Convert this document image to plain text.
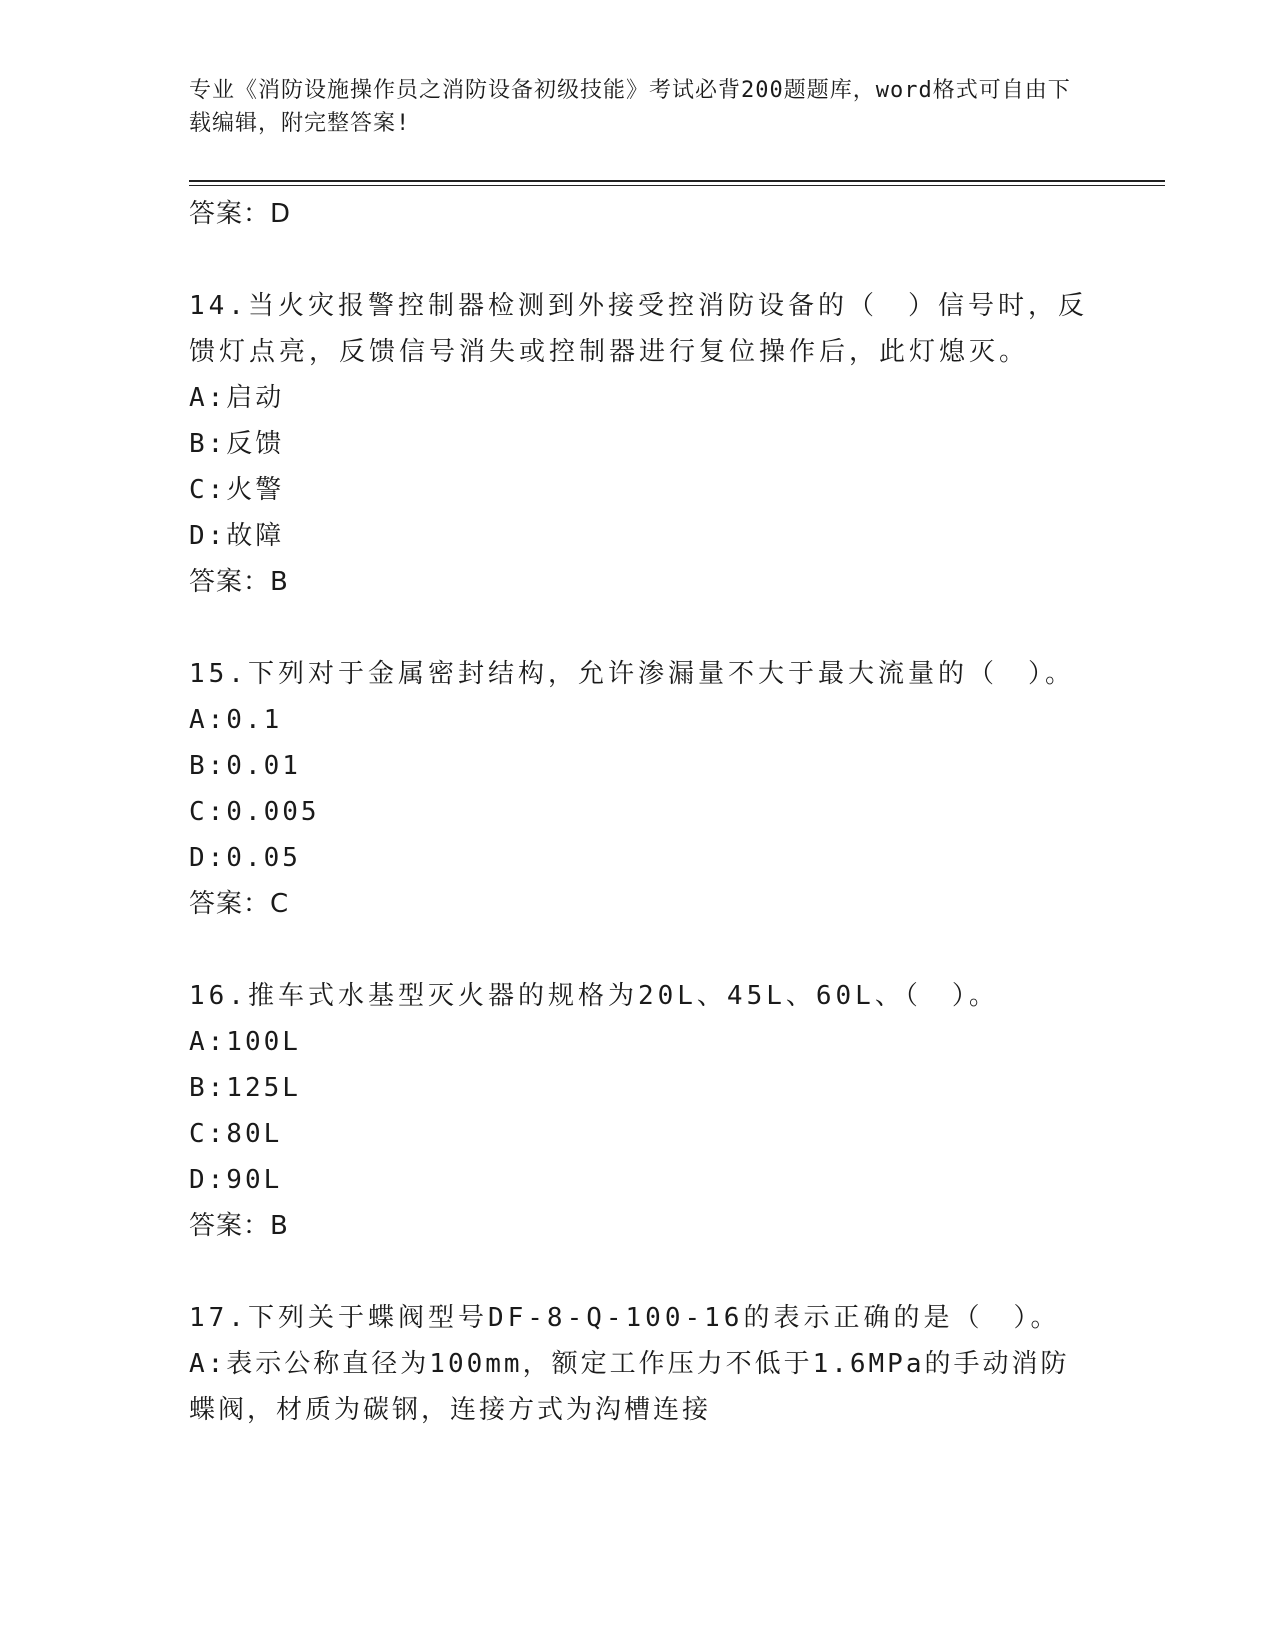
专业《消防设施操作员之消防设备初级技能》考试必背200题题库，word格式可自由下载编辑，附完整答案!
答案：D
14.当火灾报警控制器检测到外接受控消防设备的（　）信号时，反馈灯点亮，反馈信号消失或控制器进行复位操作后，此灯熄灭。
A:启动
B:反馈
C:火警
D:故障
答案：B
15.下列对于金属密封结构，允许渗漏量不大于最大流量的（　）。
A:0.1
B:0.01
C:0.005
D:0.05
答案：C
16.推车式水基型灭火器的规格为20L、45L、60L、（　）。
A:100L
B:125L
C:80L
D:90L
答案：B
17.下列关于蝶阀型号DF-8-Q-100-16的表示正确的是（　）。
A:表示公称直径为100mm，额定工作压力不低于1.6MPa的手动消防蝶阀，材质为碳钢，连接方式为沟槽连接
